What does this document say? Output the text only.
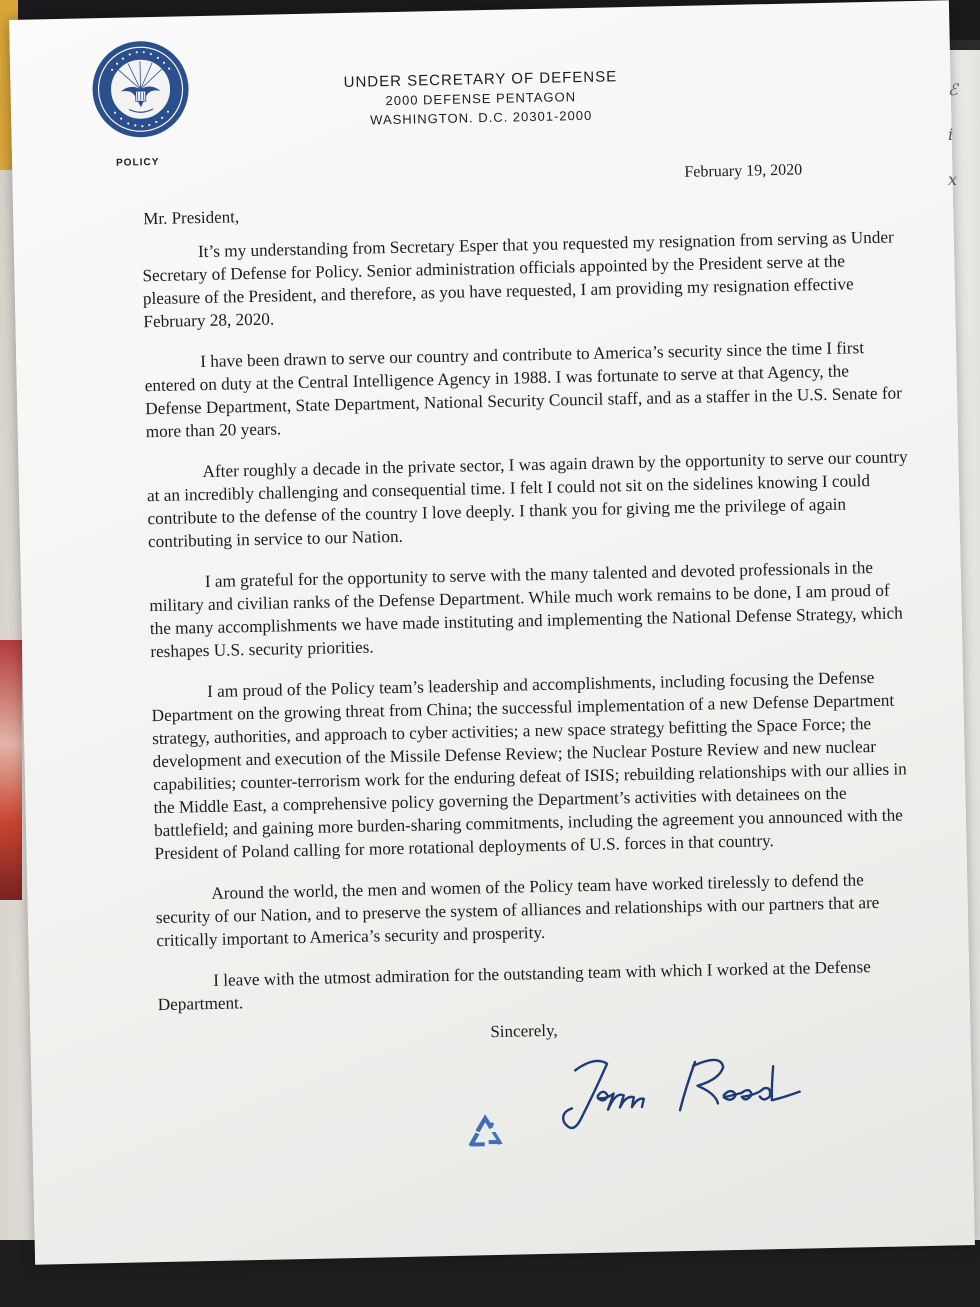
POLICY
UNDER SECRETARY OF DEFENSE
2000 DEFENSE PENTAGON
WASHINGTON. D.C. 20301-2000
February 19, 2020
Mr. President,

It’s my understanding from Secretary Esper that you requested my resignation from serving as Under Secretary of Defense for Policy. Senior administration officials appointed by the President serve at the pleasure of the President, and therefore, as you have requested, I am providing my resignation effective February 28, 2020.

I have been drawn to serve our country and contribute to America’s security since the time I first entered on duty at the Central Intelligence Agency in 1988. I was fortunate to serve at that Agency, the Defense Department, State Department, National Security Council staff, and as a staffer in the U.S. Senate for more than 20 years.

After roughly a decade in the private sector, I was again drawn by the opportunity to serve our country at an incredibly challenging and consequential time. I felt I could not sit on the sidelines knowing I could contribute to the defense of the country I love deeply. I thank you for giving me the privilege of again contributing in service to our Nation.

I am grateful for the opportunity to serve with the many talented and devoted professionals in the military and civilian ranks of the Defense Department. While much work remains to be done, I am proud of the many accomplishments we have made instituting and implementing the National Defense Strategy, which reshapes U.S. security priorities.

I am proud of the Policy team’s leadership and accomplishments, including focusing the Defense Department on the growing threat from China; the successful implementation of a new Defense Department strategy, authorities, and approach to cyber activities; a new space strategy befitting the Space Force; the development and execution of the Missile Defense Review; the Nuclear Posture Review and new nuclear capabilities; counter-terrorism work for the enduring defeat of ISIS; rebuilding relationships with our allies in the Middle East, a comprehensive policy governing the Department’s activities with detainees on the battlefield; and gaining more burden-sharing commitments, including the agreement you announced with the President of Poland calling for more rotational deployments of U.S. forces in that country.

Around the world, the men and women of the Policy team have worked tirelessly to defend the security of our Nation, and to preserve the system of alliances and relationships with our partners that are critically important to America’s security and prosperity.

I leave with the utmost admiration for the outstanding team with which I worked at the Defense Department.

Sincerely,
ℰ
i
x
